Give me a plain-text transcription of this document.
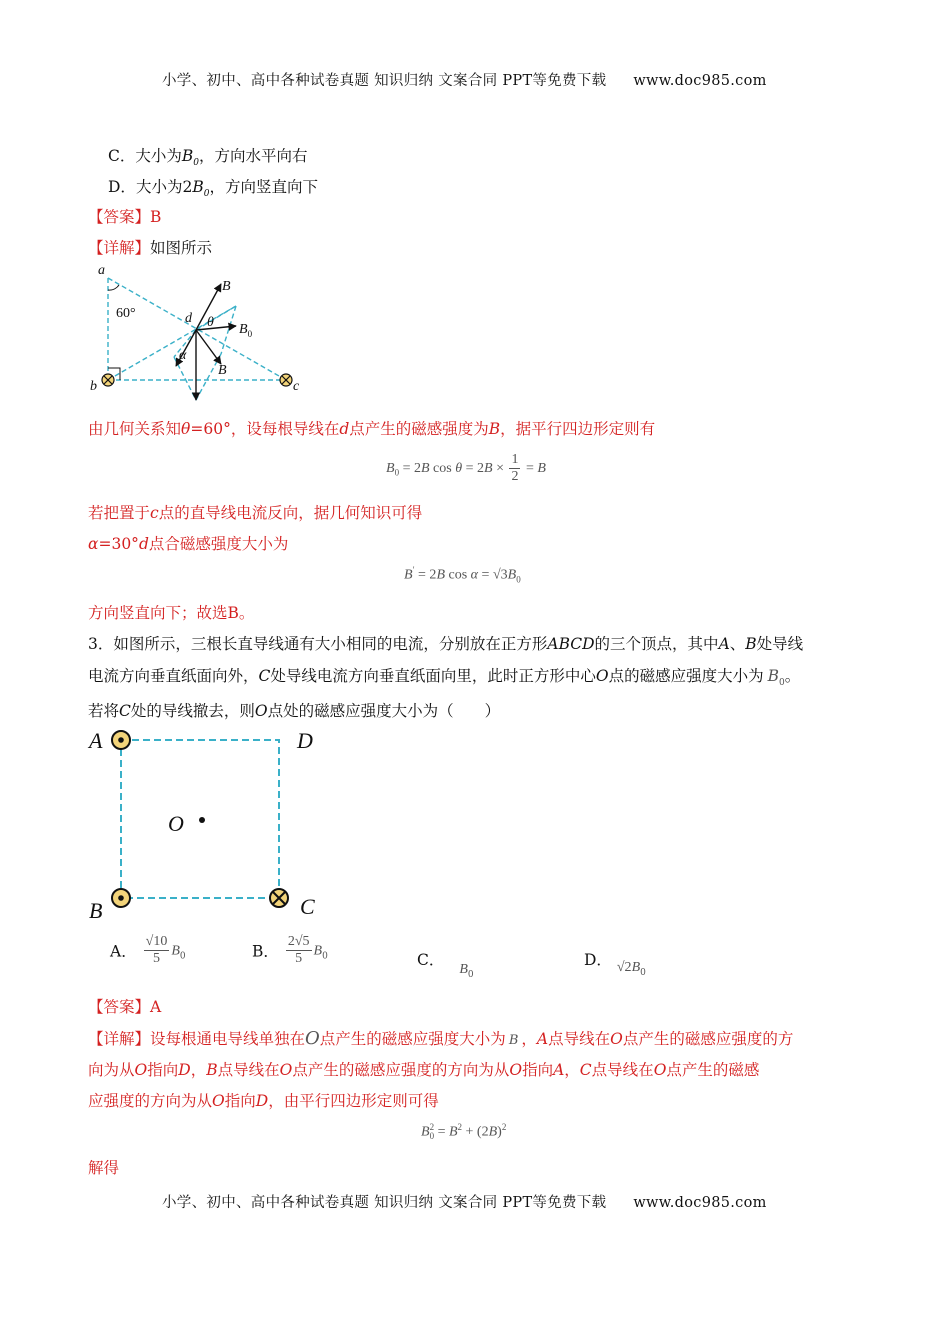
小学、初中、高中各种试卷真题 知识归纳 文案合同 PPT等免费下载 www.doc985.com
C．大小为$B_0$，方向水平向右
D．大小为$2B_0$，方向竖直向下
【答案】B
【详解】如图所示
a
b	c
d
B
B
$B_0$
θ
α
60°
由几何关系知θ=60°，设每根导线在d点产生的磁感强度为B，据平行四边形定则有
$B_0 = 2B$ $\cos \theta = 2B \times \frac{1}{2} = B$
若把置于c点的直导线电流反向，据几何知识可得
α=30°d点合磁感强度大小为
B′ = 2B $\cos \alpha = √3B_0$
方向竖直向下；故选B。
3．如图所示，三根长直导线通有大小相同的电流，分别放在正方形ABCD的三个顶点，其中A、B处导线
电流方向垂直纸面向外，C处导线电流方向垂直纸面向里，此时正方形中心O点的磁感应强度大小为 $B_0$。
若将C处的导线撤去，则O点处的磁感应强度大小为（　　）
A	D
B	C
O
A． $\frac{√10}{5} B_0$	B． $\frac{2√5}{5} B_0$	C． $B_0$
D． $√2B_0$
【答案】A
【详解】设每根通电导线单独在O点产生的磁感应强度大小为 B ，A点导线在O点产生的磁感应强度的方
向为从O指向D，B点导线在O点产生的磁感应强度的方向为从O指向A，C点导线在O点产生的磁感
应强度的方向为从O指向D，由平行四边形定则可得
B 2
$0 = B^2 + (2B)^2$
解得
小学、初中、高中各种试卷真题 知识归纳 文案合同 PPT等免费下载 www.doc985.com
